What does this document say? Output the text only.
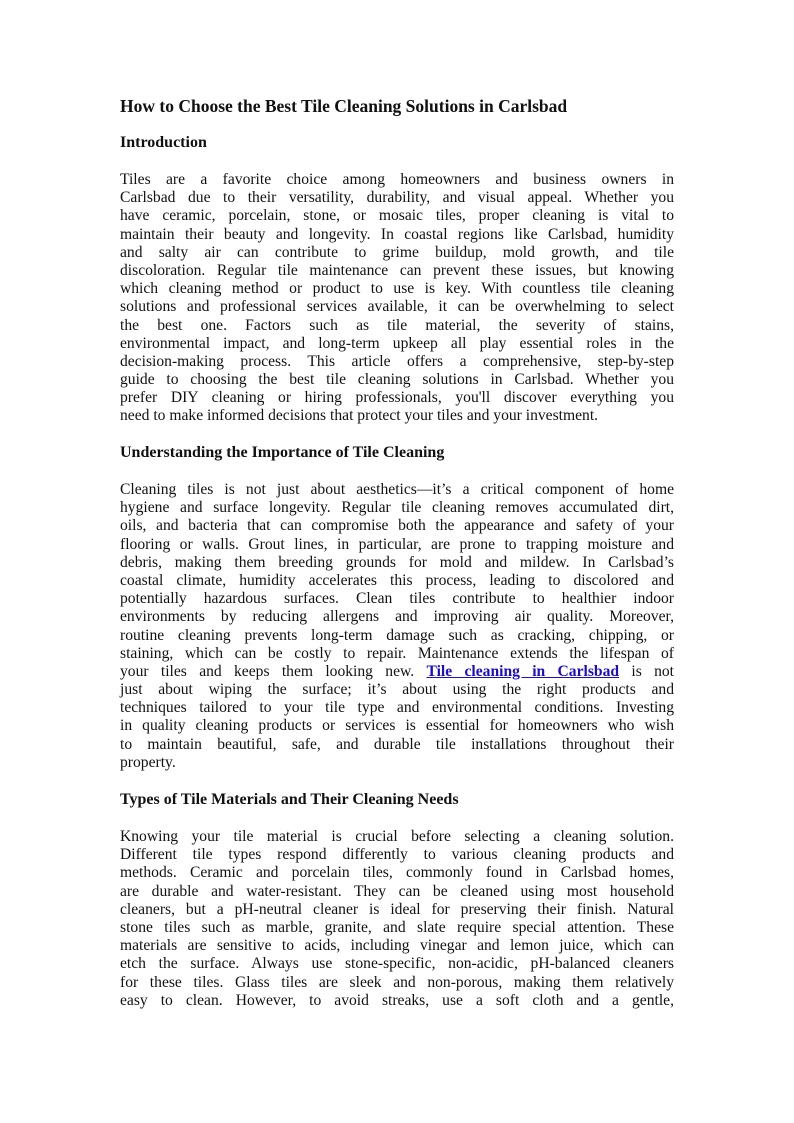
How to Choose the Best Tile Cleaning Solutions in Carlsbad
Introduction
Tiles are a favorite choice among homeowners and business owners in
Carlsbad due to their versatility, durability, and visual appeal. Whether you
have ceramic, porcelain, stone, or mosaic tiles, proper cleaning is vital to
maintain their beauty and longevity. In coastal regions like Carlsbad, humidity
and salty air can contribute to grime buildup, mold growth, and tile
discoloration. Regular tile maintenance can prevent these issues, but knowing
which cleaning method or product to use is key. With countless tile cleaning
solutions and professional services available, it can be overwhelming to select
the best one. Factors such as tile material, the severity of stains,
environmental impact, and long-term upkeep all play essential roles in the
decision-making process. This article offers a comprehensive, step-by-step
guide to choosing the best tile cleaning solutions in Carlsbad. Whether you
prefer DIY cleaning or hiring professionals, you'll discover everything you
need to make informed decisions that protect your tiles and your investment.
Understanding the Importance of Tile Cleaning
Cleaning tiles is not just about aesthetics—it’s a critical component of home
hygiene and surface longevity. Regular tile cleaning removes accumulated dirt,
oils, and bacteria that can compromise both the appearance and safety of your
flooring or walls. Grout lines, in particular, are prone to trapping moisture and
debris, making them breeding grounds for mold and mildew. In Carlsbad’s
coastal climate, humidity accelerates this process, leading to discolored and
potentially hazardous surfaces. Clean tiles contribute to healthier indoor
environments by reducing allergens and improving air quality. Moreover,
routine cleaning prevents long-term damage such as cracking, chipping, or
staining, which can be costly to repair. Maintenance extends the lifespan of
your tiles and keeps them looking new. Tile cleaning in Carlsbad is not
just about wiping the surface; it’s about using the right products and
techniques tailored to your tile type and environmental conditions. Investing
in quality cleaning products or services is essential for homeowners who wish
to maintain beautiful, safe, and durable tile installations throughout their
property.
Types of Tile Materials and Their Cleaning Needs
Knowing your tile material is crucial before selecting a cleaning solution.
Different tile types respond differently to various cleaning products and
methods. Ceramic and porcelain tiles, commonly found in Carlsbad homes,
are durable and water-resistant. They can be cleaned using most household
cleaners, but a pH-neutral cleaner is ideal for preserving their finish. Natural
stone tiles such as marble, granite, and slate require special attention. These
materials are sensitive to acids, including vinegar and lemon juice, which can
etch the surface. Always use stone-specific, non-acidic, pH-balanced cleaners
for these tiles. Glass tiles are sleek and non-porous, making them relatively
easy to clean. However, to avoid streaks, use a soft cloth and a gentle,
